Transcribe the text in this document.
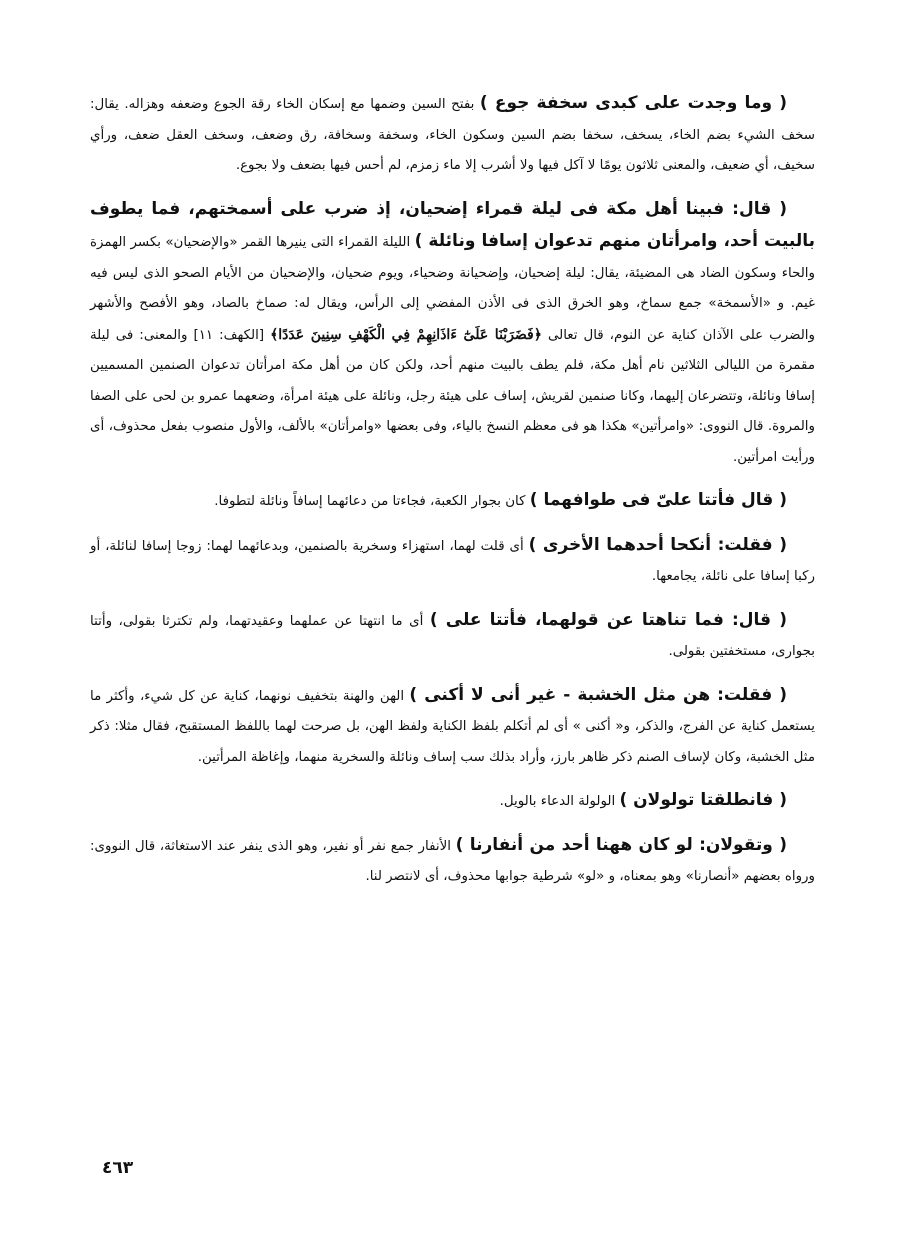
( وما وجدت على كبدى سخفة جوع ) بفتح السين وضمها مع إسكان الخاء رقة الجوع وضعفه وهزاله. يقال: سخف الشيء بضم الخاء، يسخف، سخفا بضم السين وسكون الخاء، وسخفة وسخافة، رق وضعف، وسخف العقل ضعف، ورأي سخيف، أي ضعيف، والمعنى ثلاثون يومًا لا آكل فيها ولا أشرب إلا ماء زمزم، لم أحس فيها بضعف ولا بجوع.

( قال: فبينا أهل مكة فى ليلة قمراء إضحيان، إذ ضرب على أسمختهم، فما يطوف بالبيت أحد، وامرأتان منهم تدعوان إسافا ونائلة ) الليلة القمراء التى ينيرها القمر «والإضحيان» بكسر الهمزة والحاء وسكون الضاد هى المضيئة، يقال: ليلة إضحيان، وإضحيانة وضحياء، ويوم ضحيان، والإضحيان من الأيام الصحو الذى ليس فيه غيم. و «الأسمخة» جمع سماخ، وهو الخرق الذى فى الأذن المفضي إلى الرأس، ويقال له: صماخ بالصاد، وهو الأفصح والأشهر والضرب على الآذان كناية عن النوم، قال تعالى ﴿فَضَرَبْنَا عَلَىٰٓ ءَاذَانِهِمْ فِي الْكَهْفِ سِنِينَ عَدَدًا﴾ [الكهف: ١١] والمعنى: فى ليلة مقمرة من الليالى الثلاثين نام أهل مكة، فلم يطف بالبيت منهم أحد، ولكن كان من أهل مكة امرأتان تدعوان الصنمين المسميين إسافا ونائلة، وتتضرعان إليهما، وكانا صنمين لقريش، إساف على هيئة رجل، ونائلة على هيئة امرأة، وضعهما عمرو بن لحى على الصفا والمروة. قال النووى: «وامرأتين» هكذا هو فى معظم النسخ بالياء، وفى بعضها «وامرأتان» بالألف، والأول منصوب بفعل محذوف، أى ورأيت امرأتين.

( قال فأتتا علىّ فى طوافهما ) كان بجوار الكعبة، فجاءتا من دعائهما إسافاً ونائلة لتطوفا.

( فقلت: أنكحا أحدهما الأخرى ) أى قلت لهما، استهزاء وسخرية بالصنمين، وبدعائهما لهما: زوجا إسافا لنائلة، أو ركبا إسافا على نائلة، يجامعها.

( قال: فما تناهتا عن قولهما، فأتتا على ) أى ما انتهتا عن عملهما وعقيدتهما، ولم تكترثا بقولى، وأتتا بجوارى، مستخفتين بقولى.

( فقلت: هن مثل الخشبة - غير أنى لا أكنى ) الهن والهنة بتخفيف نونهما، كناية عن كل شيء، وأكثر ما يستعمل كناية عن الفرج، والذكر، و« أكنى » أى لم أتكلم بلفظ الكناية ولفظ الهن، بل صرحت لهما باللفظ المستقبح، فقال مثلا: ذكر مثل الخشبة، وكان لإساف الصنم ذكر ظاهر بارز، وأراد بذلك سب إساف ونائلة والسخرية منهما، وإغاظة المرأتين.

( فانطلقتا تولولان ) الولولة الدعاء بالويل.

( وتقولان: لو كان ههنا أحد من أنفارنا ) الأنفار جمع نفر أو نفير، وهو الذى ينفر عند الاستغاثة، قال النووى: ورواه بعضهم «أنصارنا» وهو بمعناه، و «لو» شرطية جوابها محذوف، أى لانتصر لنا.

٤٦٣
